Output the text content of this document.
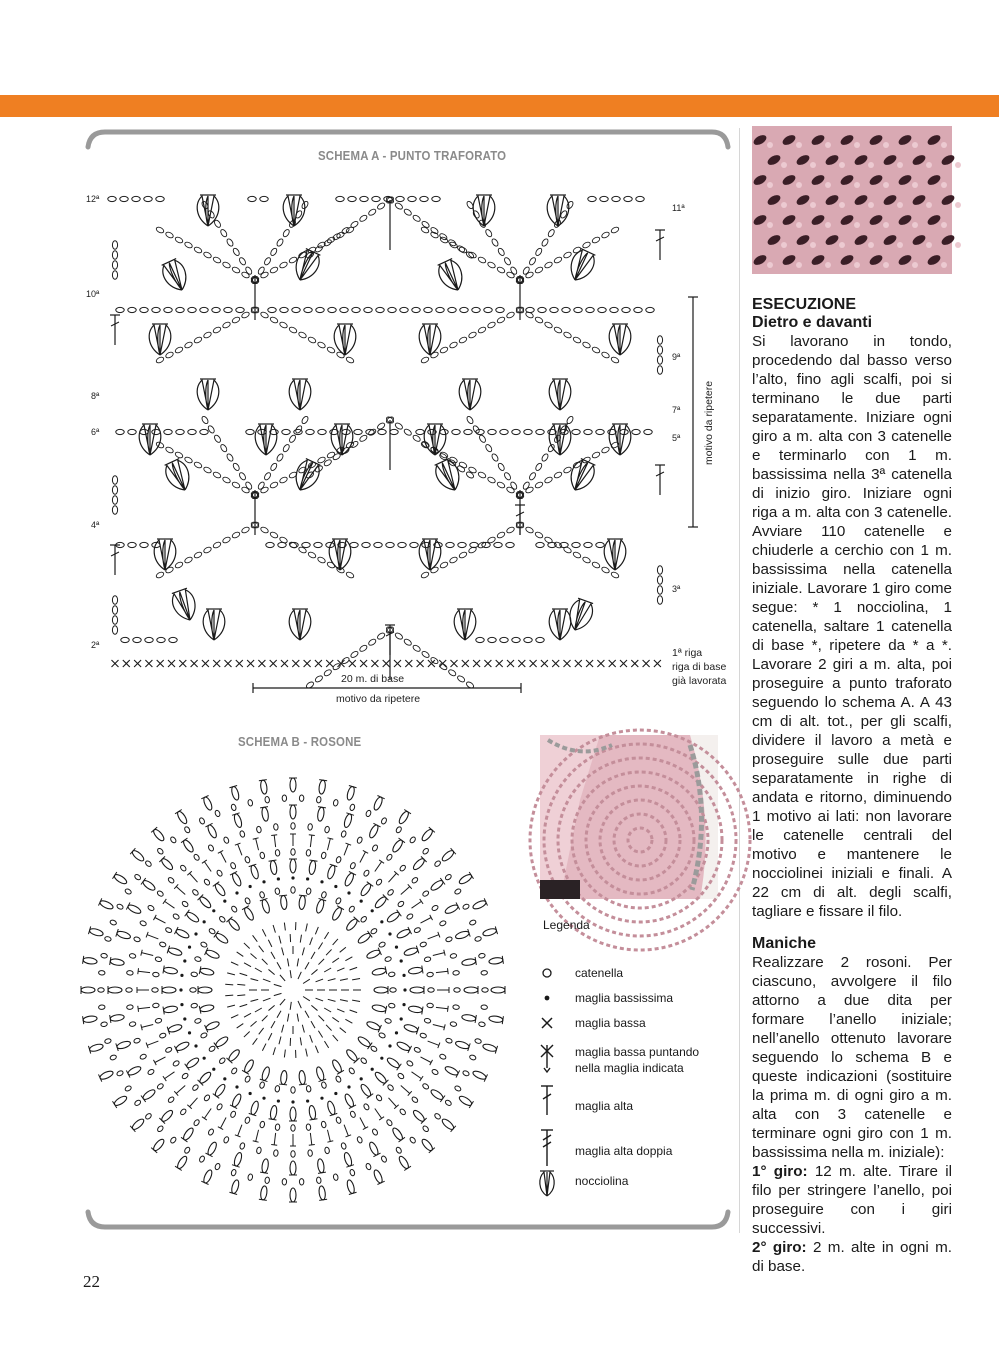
SCHEMA A - PUNTO TRAFORATO
12ª
10ª
8ª
6ª
4ª
2ª
11ª
9ª
7ª
5ª
3ª
20 m. di base
motivo da ripetere
motivo da ripetere
1ª riga
riga di base
già lavorata
SCHEMA B - ROSONE
Legenda
catenella
maglia bassissima
maglia bassa
maglia bassa puntando
nella maglia indicata
maglia alta
maglia alta doppia
nocciolina
ESECUZIONE
Dietro e davanti

Si lavorano in tondo, procedendo dal basso verso l’alto, fino agli scalfi, poi si terminano le due parti separatamente. Iniziare ogni giro a m. alta con 3 catenelle e terminarlo con 1 m. bassissima nella 3ª catenella di inizio giro. Iniziare ogni riga a m. alta con 3 catenelle. Avviare 110 catenelle e chiuderle a cerchio con 1 m. bassissima nella catenella iniziale. Lavorare 1 giro come segue: * 1 nocciolina, 1 catenella, saltare 1 catenella di base *, ripetere da * a *. Lavorare 2 giri a m. alta, poi proseguire a punto traforato seguendo lo schema A. A 43 cm di alt. tot., per gli scalfi, dividere il lavoro a metà e proseguire sulle due parti separatamente in righe di andata e ritorno, diminuendo 1 motivo ai lati: non lavorare le catenelle centrali del motivo e mantenere le nocciolinei iniziali e finali. A 22 cm di alt. degli scalfi, tagliare e fissare il filo.

Maniche

Realizzare 2 rosoni. Per ciascuno, avvolgere il filo attorno a due dita per formare l’anello iniziale; nell’anello ottenuto lavorare seguendo lo schema B e queste indicazioni (sostituire la prima m. di ogni giro a m. alta con 3 catenelle e terminare ogni giro con 1 m. bassissima nella m. iniziale):

1° giro: 12 m. alte. Tirare il filo per stringere l’anello, poi proseguire con i giri successivi.

2° giro: 2 m. alte in ogni m. di base.

22
